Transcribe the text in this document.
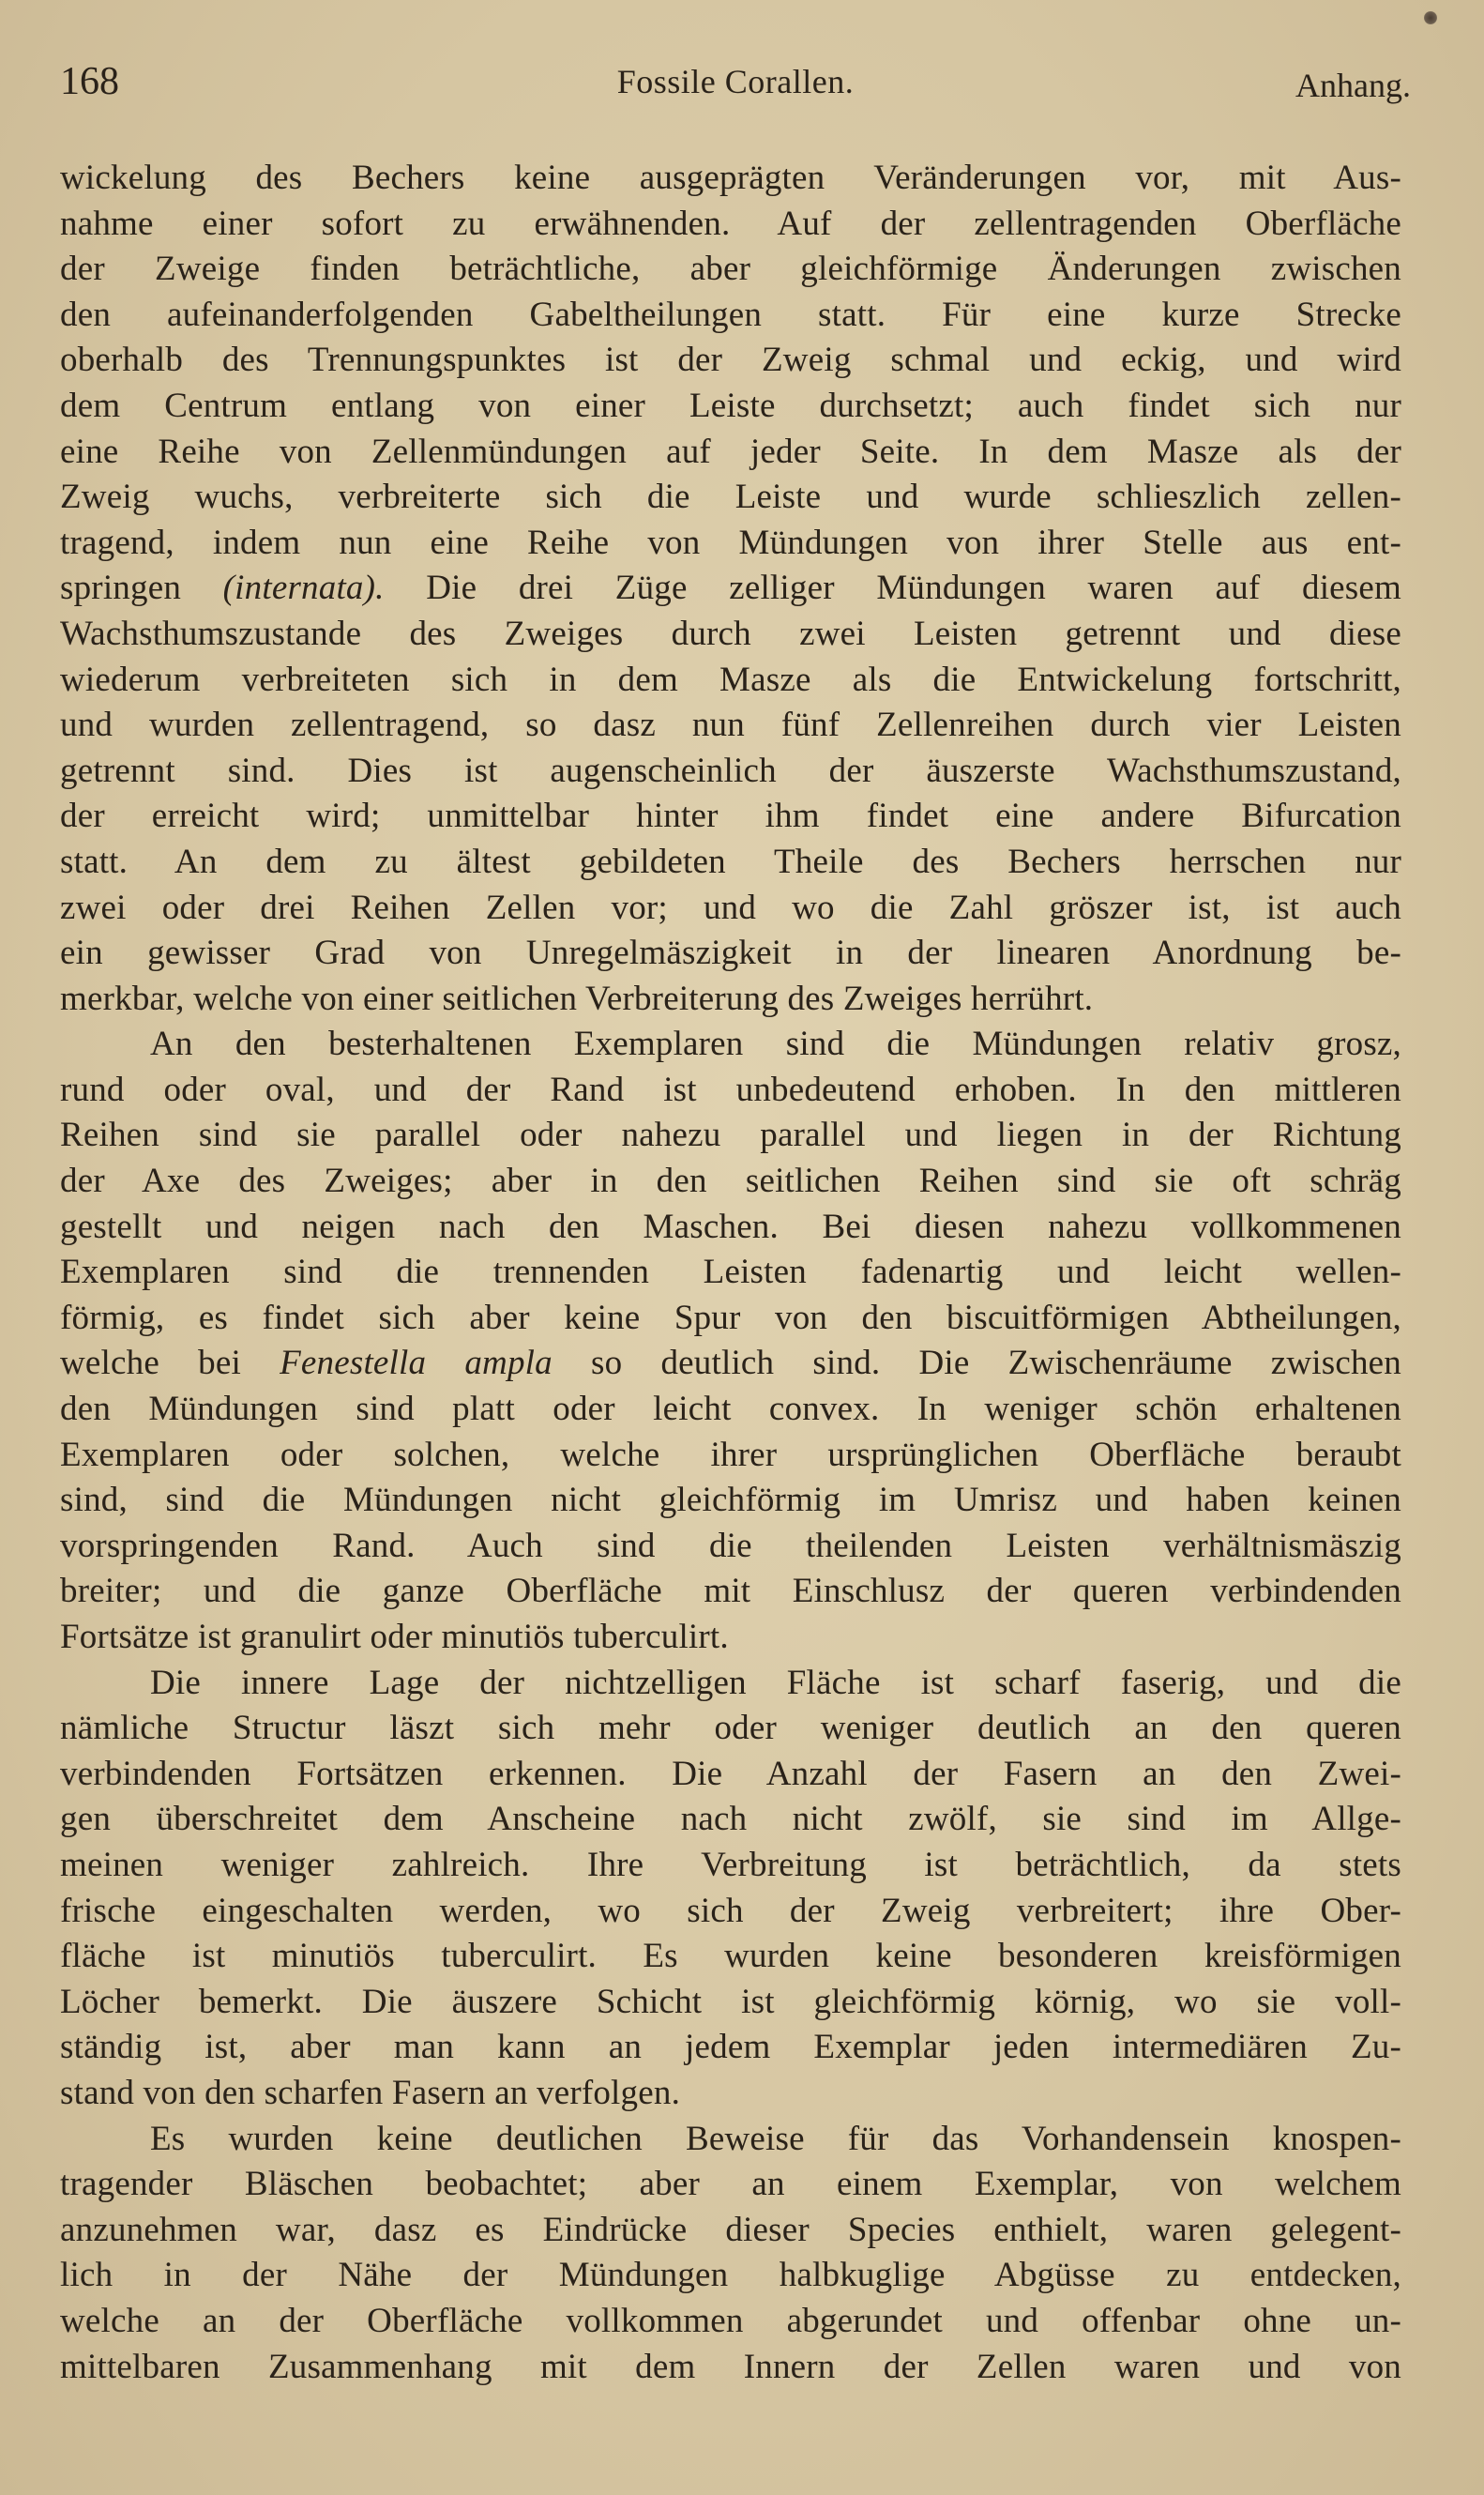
168	Fossile Corallen.	Anhang.
wickelung des Bechers keine ausgeprägten Veränderungen vor, mit Aus-
nahme einer sofort zu erwähnenden. Auf der zellentragenden Oberfläche
der Zweige finden beträchtliche, aber gleichförmige Änderungen zwischen
den aufeinanderfolgenden Gabeltheilungen statt. Für eine kurze Strecke
oberhalb des Trennungspunktes ist der Zweig schmal und eckig, und wird
dem Centrum entlang von einer Leiste durchsetzt; auch findet sich nur
eine Reihe von Zellenmündungen auf jeder Seite. In dem Masze als der
Zweig wuchs, verbreiterte sich die Leiste und wurde schlieszlich zellen-
tragend, indem nun eine Reihe von Mündungen von ihrer Stelle aus ent-
springen (internata). Die drei Züge zelliger Mündungen waren auf diesem
Wachsthumszustande des Zweiges durch zwei Leisten getrennt und diese
wiederum verbreiteten sich in dem Masze als die Entwickelung fortschritt,
und wurden zellentragend, so dasz nun fünf Zellenreihen durch vier Leisten
getrennt sind. Dies ist augenscheinlich der äuszerste Wachsthumszustand,
der erreicht wird; unmittelbar hinter ihm findet eine andere Bifurcation
statt. An dem zu ältest gebildeten Theile des Bechers herrschen nur
zwei oder drei Reihen Zellen vor; und wo die Zahl gröszer ist, ist auch
ein gewisser Grad von Unregelmäszigkeit in der linearen Anordnung be-
merkbar, welche von einer seitlichen Verbreiterung des Zweiges herrührt.
An den besterhaltenen Exemplaren sind die Mündungen relativ grosz,
rund oder oval, und der Rand ist unbedeutend erhoben. In den mittleren
Reihen sind sie parallel oder nahezu parallel und liegen in der Richtung
der Axe des Zweiges; aber in den seitlichen Reihen sind sie oft schräg
gestellt und neigen nach den Maschen. Bei diesen nahezu vollkommenen
Exemplaren sind die trennenden Leisten fadenartig und leicht wellen-
förmig, es findet sich aber keine Spur von den biscuitförmigen Abtheilungen,
welche bei Fenestella ampla so deutlich sind. Die Zwischenräume zwischen
den Mündungen sind platt oder leicht convex. In weniger schön erhaltenen
Exemplaren oder solchen, welche ihrer ursprünglichen Oberfläche beraubt
sind, sind die Mündungen nicht gleichförmig im Umrisz und haben keinen
vorspringenden Rand. Auch sind die theilenden Leisten verhältnismäszig
breiter; und die ganze Oberfläche mit Einschlusz der queren verbindenden
Fortsätze ist granulirt oder minutiös tuberculirt.
Die innere Lage der nichtzelligen Fläche ist scharf faserig, und die
nämliche Structur läszt sich mehr oder weniger deutlich an den queren
verbindenden Fortsätzen erkennen. Die Anzahl der Fasern an den Zwei-
gen überschreitet dem Anscheine nach nicht zwölf, sie sind im Allge-
meinen weniger zahlreich. Ihre Verbreitung ist beträchtlich, da stets
frische eingeschalten werden, wo sich der Zweig verbreitert; ihre Ober-
fläche ist minutiös tuberculirt. Es wurden keine besonderen kreisförmigen
Löcher bemerkt. Die äuszere Schicht ist gleichförmig körnig, wo sie voll-
ständig ist, aber man kann an jedem Exemplar jeden intermediären Zu-
stand von den scharfen Fasern an verfolgen.
Es wurden keine deutlichen Beweise für das Vorhandensein knospen-
tragender Bläschen beobachtet; aber an einem Exemplar, von welchem
anzunehmen war, dasz es Eindrücke dieser Species enthielt, waren gelegent-
lich in der Nähe der Mündungen halbkuglige Abgüsse zu entdecken,
welche an der Oberfläche vollkommen abgerundet und offenbar ohne un-
mittelbaren Zusammenhang mit dem Innern der Zellen waren und von
